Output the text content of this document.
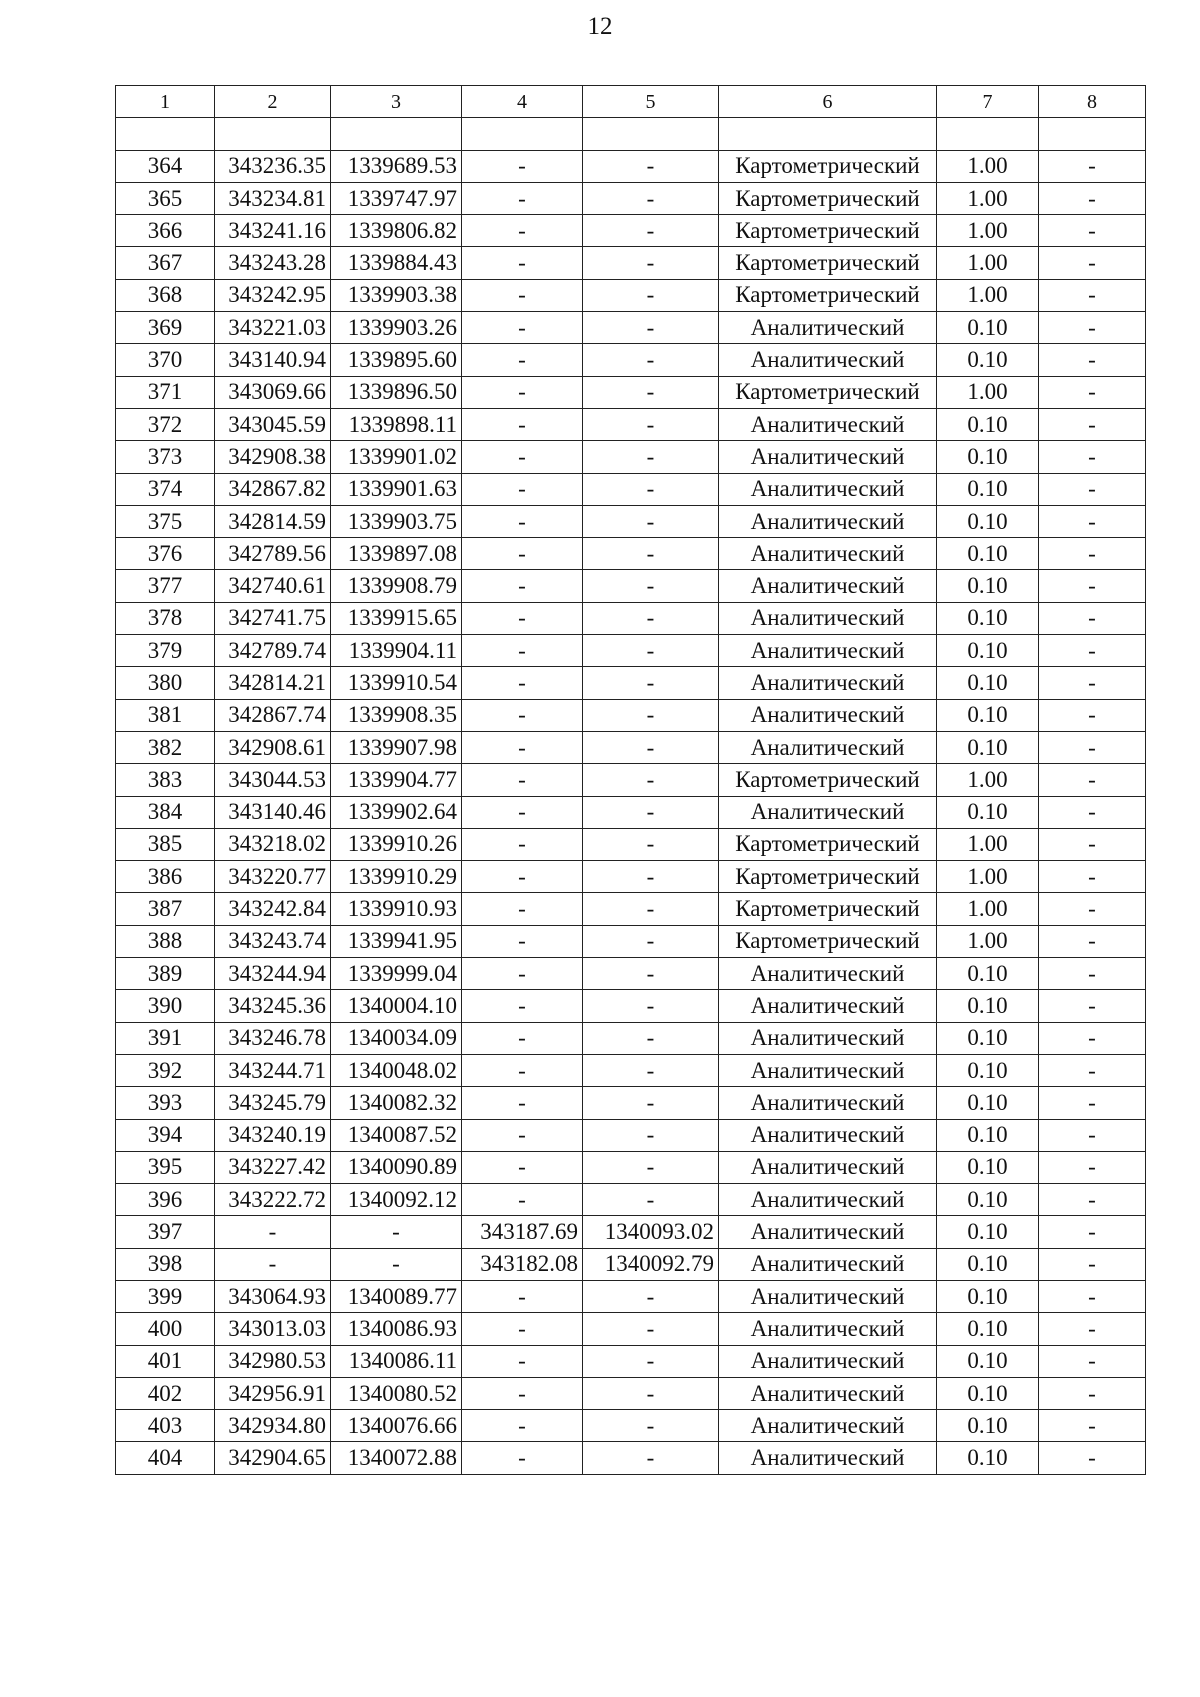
12
1	2	3	4	5	6	7	8

364	343236.35	1339689.53	-	-	Картометрический	1.00	-
365	343234.81	1339747.97	-	-	Картометрический	1.00	-
366	343241.16	1339806.82	-	-	Картометрический	1.00	-
367	343243.28	1339884.43	-	-	Картометрический	1.00	-
368	343242.95	1339903.38	-	-	Картометрический	1.00	-
369	343221.03	1339903.26	-	-	Аналитический	0.10	-
370	343140.94	1339895.60	-	-	Аналитический	0.10	-
371	343069.66	1339896.50	-	-	Картометрический	1.00	-
372	343045.59	1339898.11	-	-	Аналитический	0.10	-
373	342908.38	1339901.02	-	-	Аналитический	0.10	-
374	342867.82	1339901.63	-	-	Аналитический	0.10	-
375	342814.59	1339903.75	-	-	Аналитический	0.10	-
376	342789.56	1339897.08	-	-	Аналитический	0.10	-
377	342740.61	1339908.79	-	-	Аналитический	0.10	-
378	342741.75	1339915.65	-	-	Аналитический	0.10	-
379	342789.74	1339904.11	-	-	Аналитический	0.10	-
380	342814.21	1339910.54	-	-	Аналитический	0.10	-
381	342867.74	1339908.35	-	-	Аналитический	0.10	-
382	342908.61	1339907.98	-	-	Аналитический	0.10	-
383	343044.53	1339904.77	-	-	Картометрический	1.00	-
384	343140.46	1339902.64	-	-	Аналитический	0.10	-
385	343218.02	1339910.26	-	-	Картометрический	1.00	-
386	343220.77	1339910.29	-	-	Картометрический	1.00	-
387	343242.84	1339910.93	-	-	Картометрический	1.00	-
388	343243.74	1339941.95	-	-	Картометрический	1.00	-
389	343244.94	1339999.04	-	-	Аналитический	0.10	-
390	343245.36	1340004.10	-	-	Аналитический	0.10	-
391	343246.78	1340034.09	-	-	Аналитический	0.10	-
392	343244.71	1340048.02	-	-	Аналитический	0.10	-
393	343245.79	1340082.32	-	-	Аналитический	0.10	-
394	343240.19	1340087.52	-	-	Аналитический	0.10	-
395	343227.42	1340090.89	-	-	Аналитический	0.10	-
396	343222.72	1340092.12	-	-	Аналитический	0.10	-
397	-	-	343187.69	1340093.02	Аналитический	0.10	-
398	-	-	343182.08	1340092.79	Аналитический	0.10	-
399	343064.93	1340089.77	-	-	Аналитический	0.10	-
400	343013.03	1340086.93	-	-	Аналитический	0.10	-
401	342980.53	1340086.11	-	-	Аналитический	0.10	-
402	342956.91	1340080.52	-	-	Аналитический	0.10	-
403	342934.80	1340076.66	-	-	Аналитический	0.10	-
404	342904.65	1340072.88	-	-	Аналитический	0.10	-
